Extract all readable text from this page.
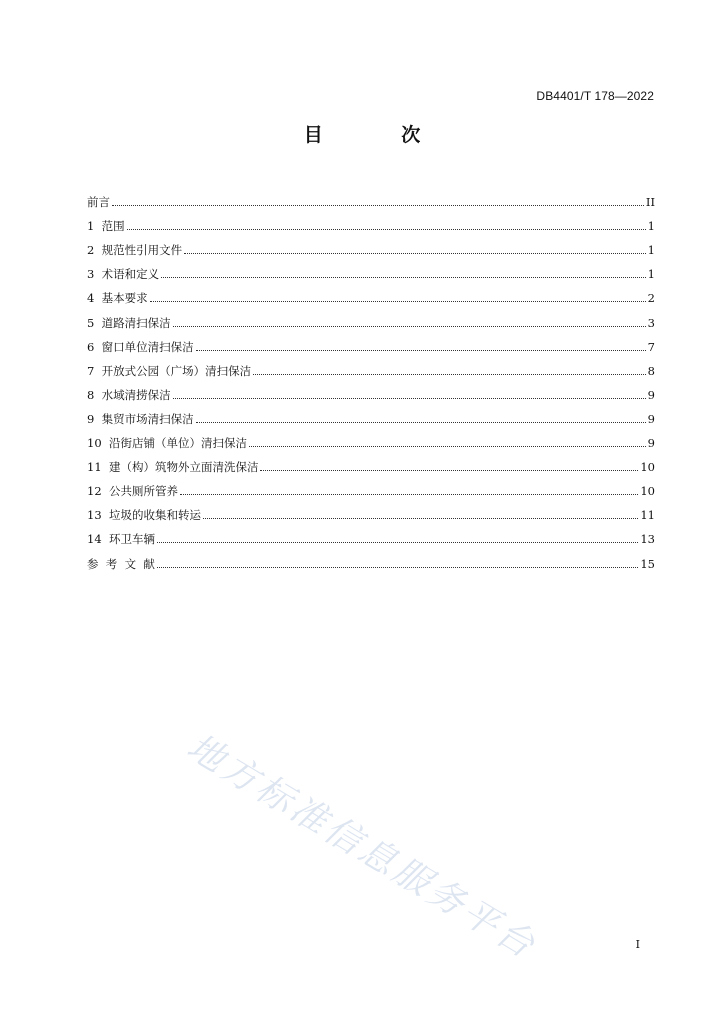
DB4401/T 178—2022
目 次
前言	II
1  范围	1
2  规范性引用文件	1
3  术语和定义	1
4  基本要求	2
5  道路清扫保洁	3
6  窗口单位清扫保洁	7
7  开放式公园（广场）清扫保洁	8
8  水域清捞保洁	9
9  集贸市场清扫保洁	9
10  沿街店铺（单位）清扫保洁	9
11  建（构）筑物外立面清洗保洁	10
12  公共厕所管养	10
13  垃圾的收集和转运	11
14  环卫车辆	13
参  考  文  献	15
地方标准信息服务平台	I
